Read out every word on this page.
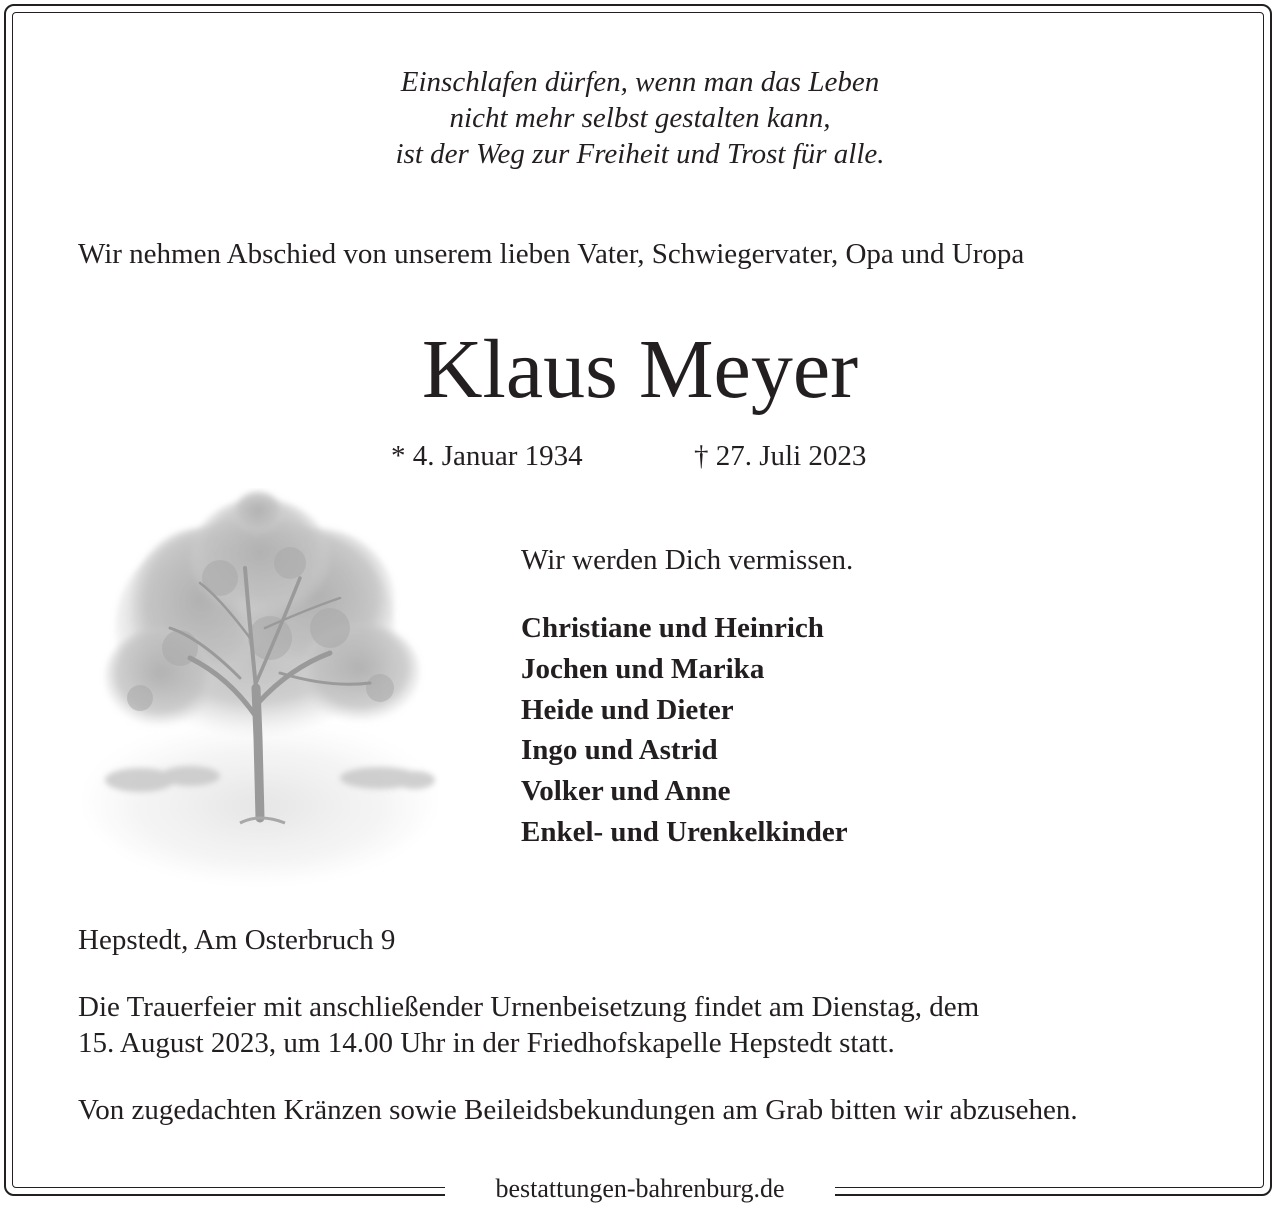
bestattungen-bahrenburg.de
Einschlafen dürfen, wenn man das Leben
nicht mehr selbst gestalten kann,
ist der Weg zur Freiheit und Trost für alle.
Wir nehmen Abschied von unserem lieben Vater, Schwiegervater, Opa und Uropa
Klaus Meyer
* 4. Januar 1934	† 27. Juli 2023
Wir werden Dich vermissen.
Christiane und Heinrich
Jochen und Marika
Heide und Dieter
Ingo und Astrid
Volker und Anne
Enkel- und Urenkelkinder
Hepstedt, Am Osterbruch 9
Die Trauerfeier mit anschließender Urnenbeisetzung findet am Dienstag, dem
15. August 2023, um 14.00 Uhr in der Friedhofskapelle Hepstedt statt.
Von zugedachten Kränzen sowie Beileidsbekundungen am Grab bitten wir abzusehen.
